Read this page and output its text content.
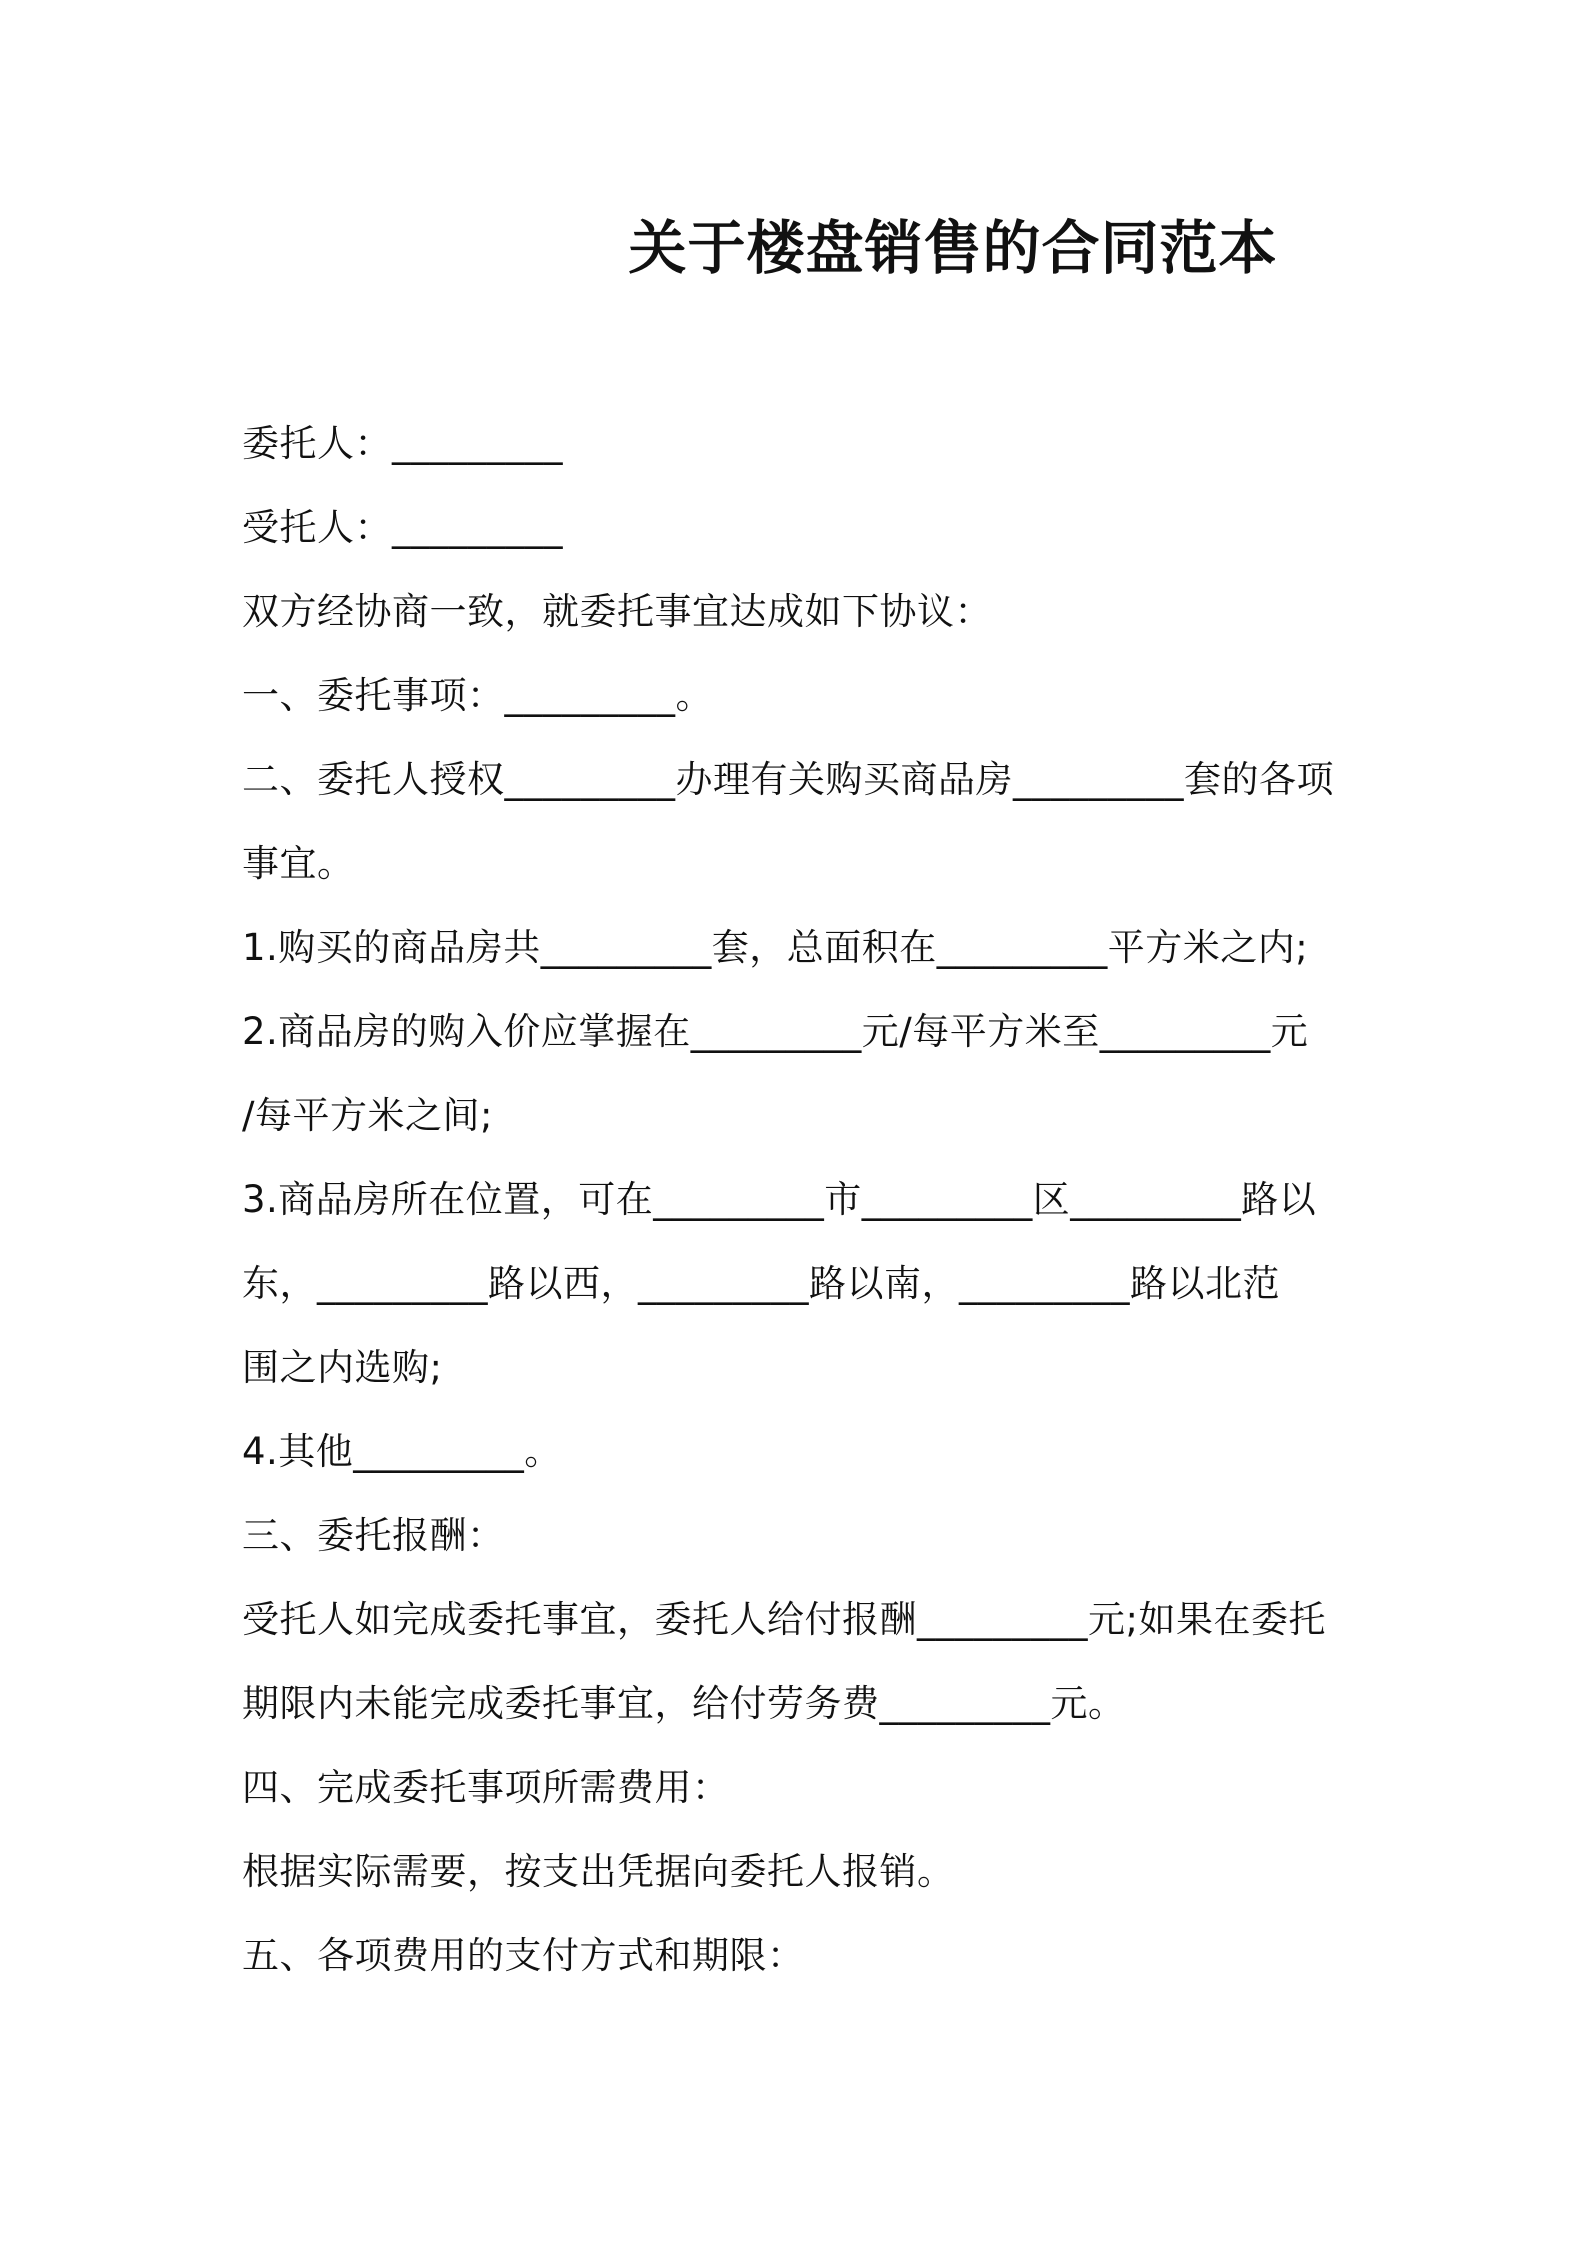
关于楼盘销售的合同范本
委托人：_________
受托人：_________
双方经协商一致，就委托事宜达成如下协议：
一、委托事项：_________。
二、委托人授权_________办理有关购买商品房_________套的各项
事宜。
1.购买的商品房共_________套，总面积在_________平方米之内;
2.商品房的购入价应掌握在_________元/每平方米至_________元
/每平方米之间;
3.商品房所在位置，可在_________市_________区_________路以
东，_________路以西，_________路以南，_________路以北范
围之内选购;
4.其他_________。
三、委托报酬：
受托人如完成委托事宜，委托人给付报酬_________元;如果在委托
期限内未能完成委托事宜，给付劳务费_________元。
四、完成委托事项所需费用：
根据实际需要，按支出凭据向委托人报销。
五、各项费用的支付方式和期限：
